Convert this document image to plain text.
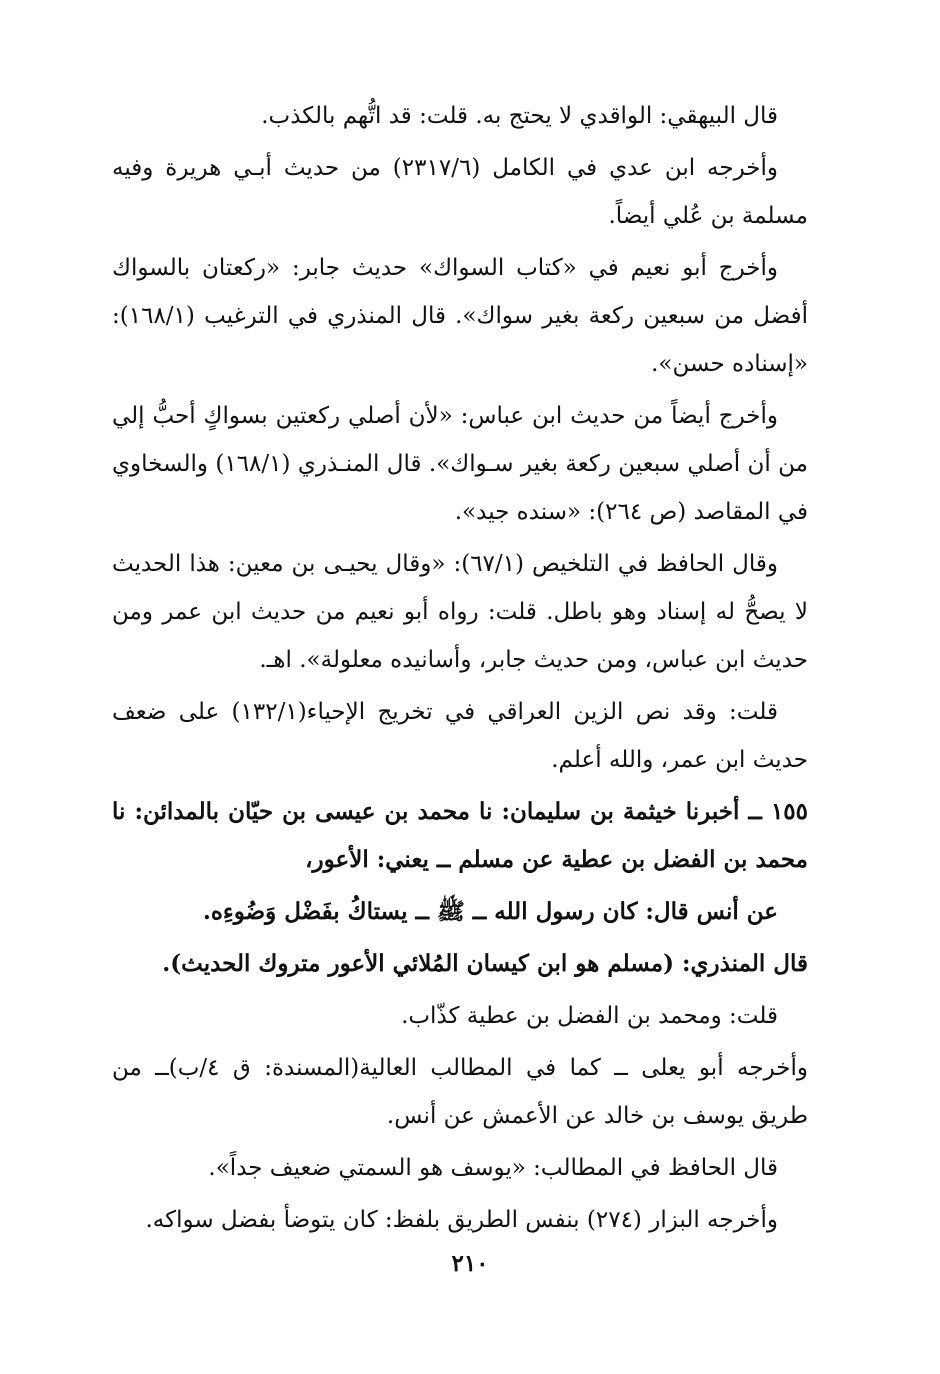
قال البيهقي: الواقدي لا يحتج به. قلت: قد اتُّهم بالكذب.

وأخرجه ابن عدي في الكامل (٢٣١٧/٦) من حديث أبـي هريرة وفيه مسلمة بن عُلي أيضاً.

وأخرج أبو نعيم في «كتاب السواك» حديث جابر: «ركعتان بالسواك أفضل من سبعين ركعة بغير سواك». قال المنذري في الترغيب (١٦٨/١): «إسناده حسن».

وأخرج أيضاً من حديث ابن عباس: «لأن أصلي ركعتين بسواكٍ أحبُّ إلي من أن أصلي سبعين ركعة بغير سـواك». قال المنـذري (١٦٨/١) والسخاوي في المقاصد (ص ٢٦٤): «سنده جيد».

وقال الحافظ في التلخيص (٦٧/١): «وقال يحيـى بن معين: هذا الحديث لا يصحُّ له إسناد وهو باطل. قلت: رواه أبو نعيم من حديث ابن عمر ومن حديث ابن عباس، ومن حديث جابر، وأسانيده معلولة». اهـ.

قلت: وقد نص الزين العراقي في تخريج الإحياء(١٣٢/١) على ضعف حديث ابن عمر، والله أعلم.

١٥٥ ــ أخبرنا خيثمة بن سليمان: نا محمد بن عيسى بن حيّان بالمدائن: نا محمد بن الفضل بن عطية عن مسلم ــ يعني: الأعور،

عن أنس قال: كان رسول الله ــ ﷺ ــ يستاكُ بفَضْل وَضُوءِه.

قال المنذري: (مسلم هو ابن كيسان المُلائي الأعور متروك الحديث).

قلت: ومحمد بن الفضل بن عطية كذّاب.

وأخرجه أبو يعلى ــ كما في المطالب العالية(المسندة: ق ٤/ب)ــ من طريق يوسف بن خالد عن الأعمش عن أنس.

قال الحافظ في المطالب: «يوسف هو السمتي ضعيف جداً».

وأخرجه البزار (٢٧٤) بنفس الطريق بلفظ: كان يتوضأ بفضل سواكه.

٢١٠
